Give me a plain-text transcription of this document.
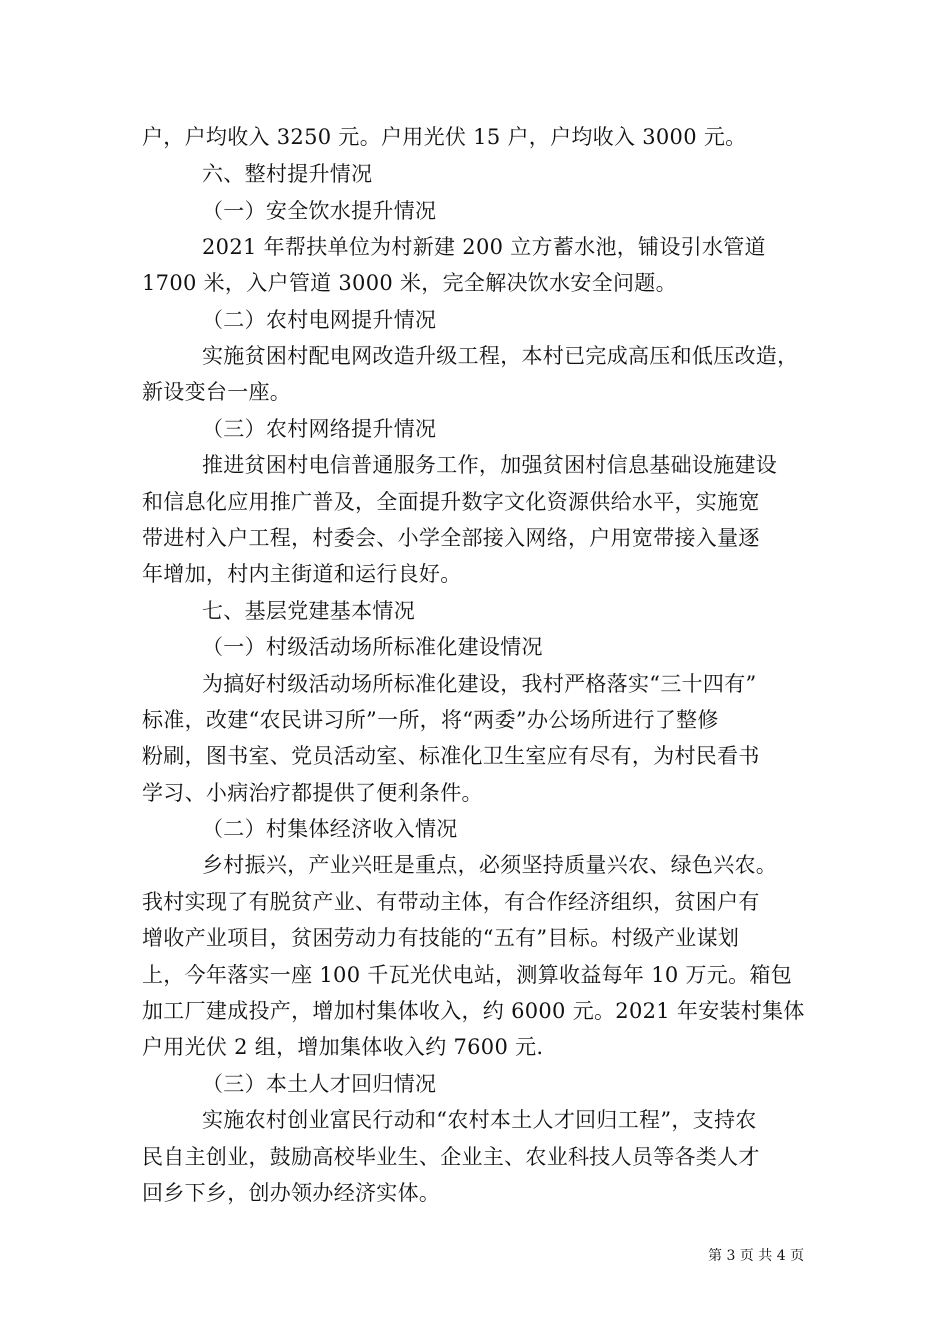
户，户均收入 3250 元。户用光伏 15 户，户均收入 3000 元。
六、整村提升情况
（一）安全饮水提升情况
2021 年帮扶单位为村新建 200 立方蓄水池，铺设引水管道
1700 米，入户管道 3000 米，完全解决饮水安全问题。
（二）农村电网提升情况
实施贫困村配电网改造升级工程，本村已完成高压和低压改造，
新设变台一座。
（三）农村网络提升情况
推进贫困村电信普通服务工作，加强贫困村信息基础设施建设
和信息化应用推广普及，全面提升数字文化资源供给水平，实施宽
带进村入户工程，村委会、小学全部接入网络，户用宽带接入量逐
年增加，村内主街道和运行良好。
七、基层党建基本情况
（一）村级活动场所标准化建设情况
为搞好村级活动场所标准化建设，我村严格落实“三十四有”
标准，改建“农民讲习所”一所，将“两委”办公场所进行了整修
粉刷，图书室、党员活动室、标准化卫生室应有尽有，为村民看书
学习、小病治疗都提供了便利条件。
（二）村集体经济收入情况
乡村振兴，产业兴旺是重点，必须坚持质量兴农、绿色兴农。
我村实现了有脱贫产业、有带动主体，有合作经济组织，贫困户有
增收产业项目，贫困劳动力有技能的“五有”目标。村级产业谋划
上，今年落实一座 100 千瓦光伏电站，测算收益每年 10 万元。箱包
加工厂建成投产，增加村集体收入，约 6000 元。2021 年安装村集体
户用光伏 2 组，增加集体收入约 7600 元.
（三）本土人才回归情况
实施农村创业富民行动和“农村本土人才回归工程”，支持农
民自主创业，鼓励高校毕业生、企业主、农业科技人员等各类人才
回乡下乡，创办领办经济实体。
第 3 页 共 4 页
